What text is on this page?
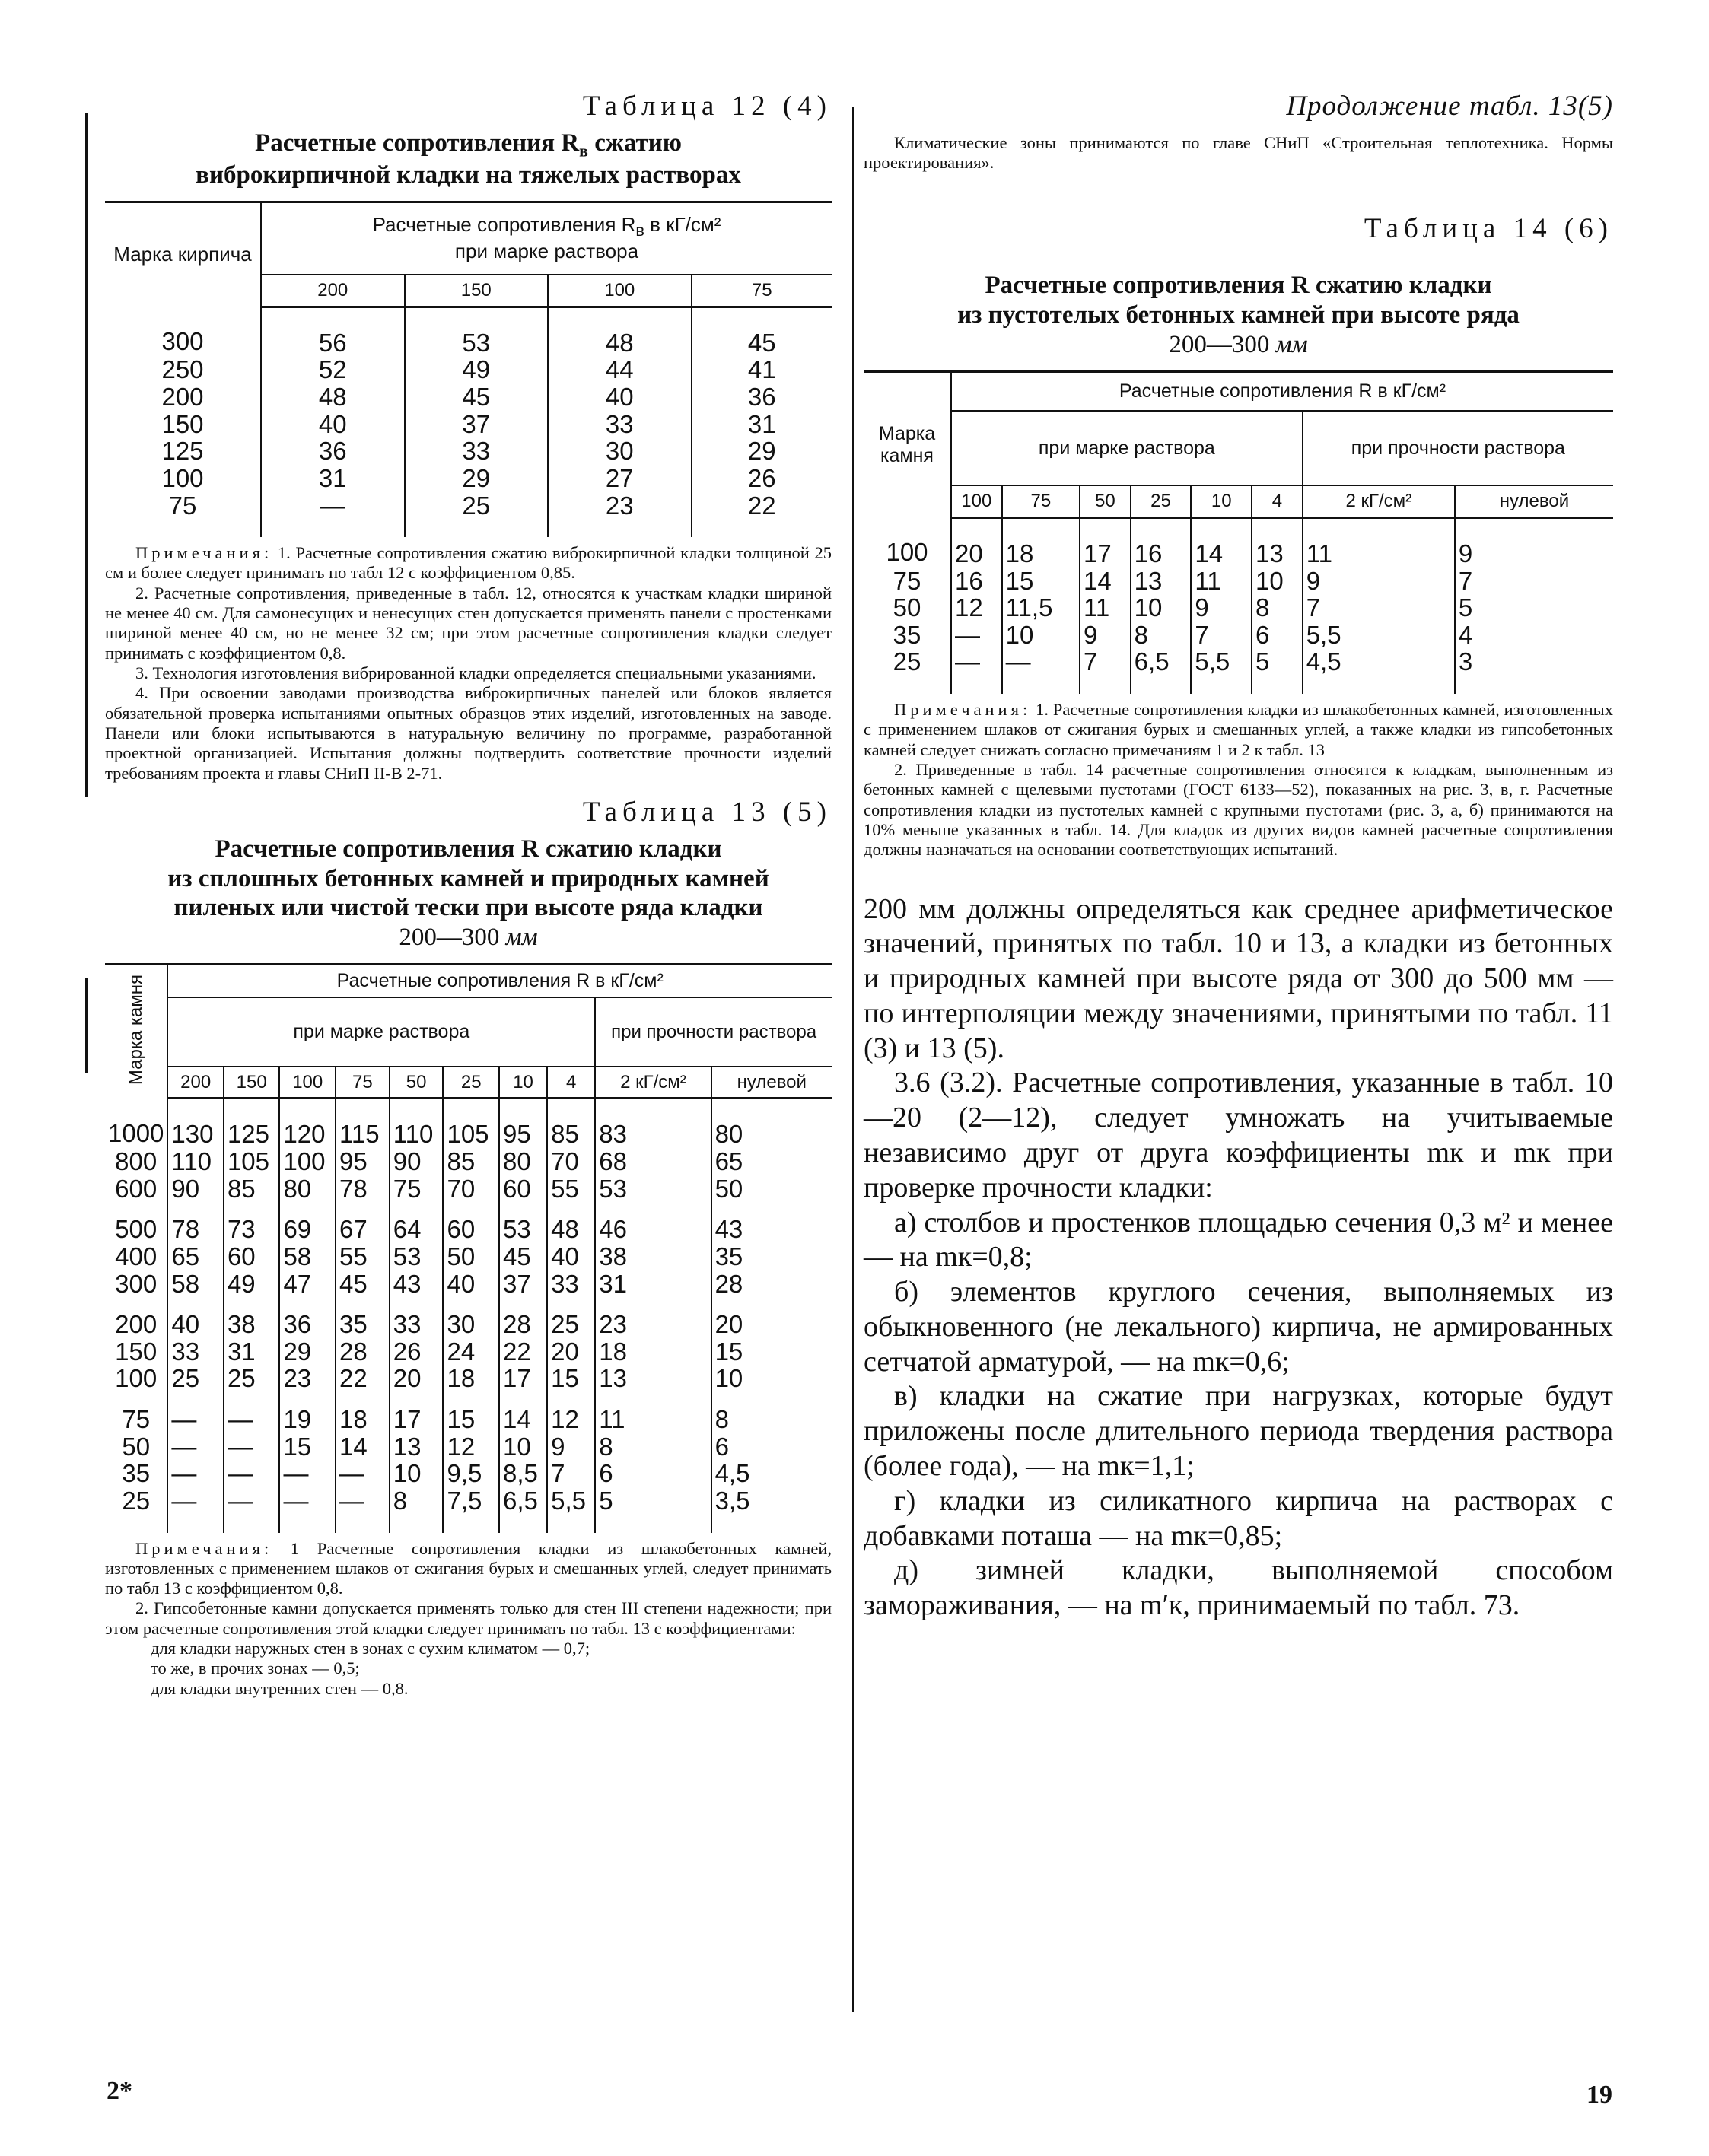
Таблица 12 (4)

Расчетные сопротивления $R_в$ сжатию
виброкирпичной кладки на тяжелых растворах
Марка кирпича	Расчетные сопротивления $R_в$ в кГ/см²
при марке раствора			
	200	150	100	75
300	56	53	48	45
250	52	49	44	41
200	48	45	40	36
150	40	37	33	31
125	36	33	30	29
100	31	29	27	26
75	—	25	23	22

Примечания: 1. Расчетные сопротивления сжатию виброкирпичной кладки толщиной 25 см и более следует принимать по табл 12 с коэффициентом 0,85.

2. Расчетные сопротивления, приведенные в табл. 12, относятся к участкам кладки шириной не менее 40 см. Для самонесущих и ненесущих стен допускается применять панели с простенками шириной менее 40 см, но не менее 32 см; при этом расчетные сопротивления кладки следует принимать с коэффициентом 0,8.

3. Технология изготовления вибрированной кладки определяется специальными указаниями.

4. При освоении заводами производства виброкирпичных панелей или блоков является обязательной проверка испытаниями опытных образцов этих изделий, изготовленных на заводе. Панели или блоки испытываются в натуральную величину по программе, разработанной проектной организацией. Испытания должны подтвердить соответствие прочности изделий требованиям проекта и главы СНиП II-В 2-71.

Таблица 13 (5)

Расчетные сопротивления R сжатию кладки
из сплошных бетонных камней и природных камней
пиленых или чистой тески при высоте ряда кладки
200—300 мм
Марка камня	Расчетные сопротивления R в кГ/см²									
	при марке раствора								при прочности раствора	
	200	150	100	75	50	25	10	4	2 кГ/см²	нулевой
1000	130	125	120	115	110	105	95	85	83	80
800	110	105	100	95	90	85	80	70	68	65
600	90	85	80	78	75	70	60	55	53	50
500	78	73	69	67	64	60	53	48	46	43
400	65	60	58	55	53	50	45	40	38	35
300	58	49	47	45	43	40	37	33	31	28
200	40	38	36	35	33	30	28	25	23	20
150	33	31	29	28	26	24	22	20	18	15
100	25	25	23	22	20	18	17	15	13	10
75	—	—	19	18	17	15	14	12	11	8
50	—	—	15	14	13	12	10	9	8	6
35	—	—	—	—	10	9,5	8,5	7	6	4,5
25	—	—	—	—	8	7,5	6,5	5,5	5	3,5

Примечания: 1 Расчетные сопротивления кладки из шлакобетонных камней, изготовленных с применением шлаков от сжигания бурых и смешанных углей, следует принимать по табл 13 с коэффициентом 0,8.

2. Гипсобетонные камни допускается применять только для стен III степени надежности; при этом расчетные сопротивления этой кладки следует принимать по табл. 13 с коэффициентами:

для кладки наружных стен в зонах с сухим климатом — 0,7;

то же, в прочих зонах — 0,5;

для кладки внутренних стен — 0,8.

Продолжение табл. 13(5)

Климатические зоны принимаются по главе СНиП «Строительная теплотехника. Нормы проектирования».

Таблица 14 (6)

Расчетные сопротивления R сжатию кладки
из пустотелых бетонных камней при высоте ряда
200—300 мм
Марка камня	Расчетные сопротивления R в кГ/см²							
	при марке раствора						при прочности раствора	
	100	75	50	25	10	4	2 кГ/см²	нулевой
100	20	18	17	16	14	13	11	9
75	16	15	14	13	11	10	9	7
50	12	11,5	11	10	9	8	7	5
35	—	10	9	8	7	6	5,5	4
25	—	—	7	6,5	5,5	5	4,5	3

Примечания: 1. Расчетные сопротивления кладки из шлакобетонных камней, изготовленных с применением шлаков от сжигания бурых и смешанных углей, а также кладки из гипсобетонных камней следует снижать согласно примечаниям 1 и 2 к табл. 13

2. Приведенные в табл. 14 расчетные сопротивления относятся к кладкам, выполненным из бетонных камней с щелевыми пустотами (ГОСТ 6133—52), показанных на рис. 3, в, г. Расчетные сопротивления кладки из пустотелых камней с крупными пустотами (рис. 3, а, б) принимаются на 10% меньше указанных в табл. 14. Для кладок из других видов камней расчетные сопротивления должны назначаться на основании соответствующих испытаний.

200 мм должны определяться как среднее арифметическое значений, принятых по табл. 10 и 13, а кладки из бетонных и природных камней при высоте ряда от 300 до 500 мм — по интерполяции между значениями, принятыми по табл. 11 (3) и 13 (5).

3.6 (3.2). Расчетные сопротивления, указанные в табл. 10—20 (2—12), следует умножать на учитываемые независимо друг от друга коэффициенты mк и mк при проверке прочности кладки:

а) столбов и простенков площадью сечения 0,3 м² и менее — на mк=0,8;

б) элементов круглого сечения, выполняемых из обыкновенного (не лекального) кирпича, не армированных сетчатой арматурой, — на mк=0,6;

в) кладки на сжатие при нагрузках, которые будут приложены после длительного периода твердения раствора (более года), — на mк=1,1;

г) кладки из силикатного кирпича на растворах с добавками поташа — на mк=0,85;

д) зимней кладки, выполняемой способом замораживания, — на m′к, принимаемый по табл. 73.

2*	19
